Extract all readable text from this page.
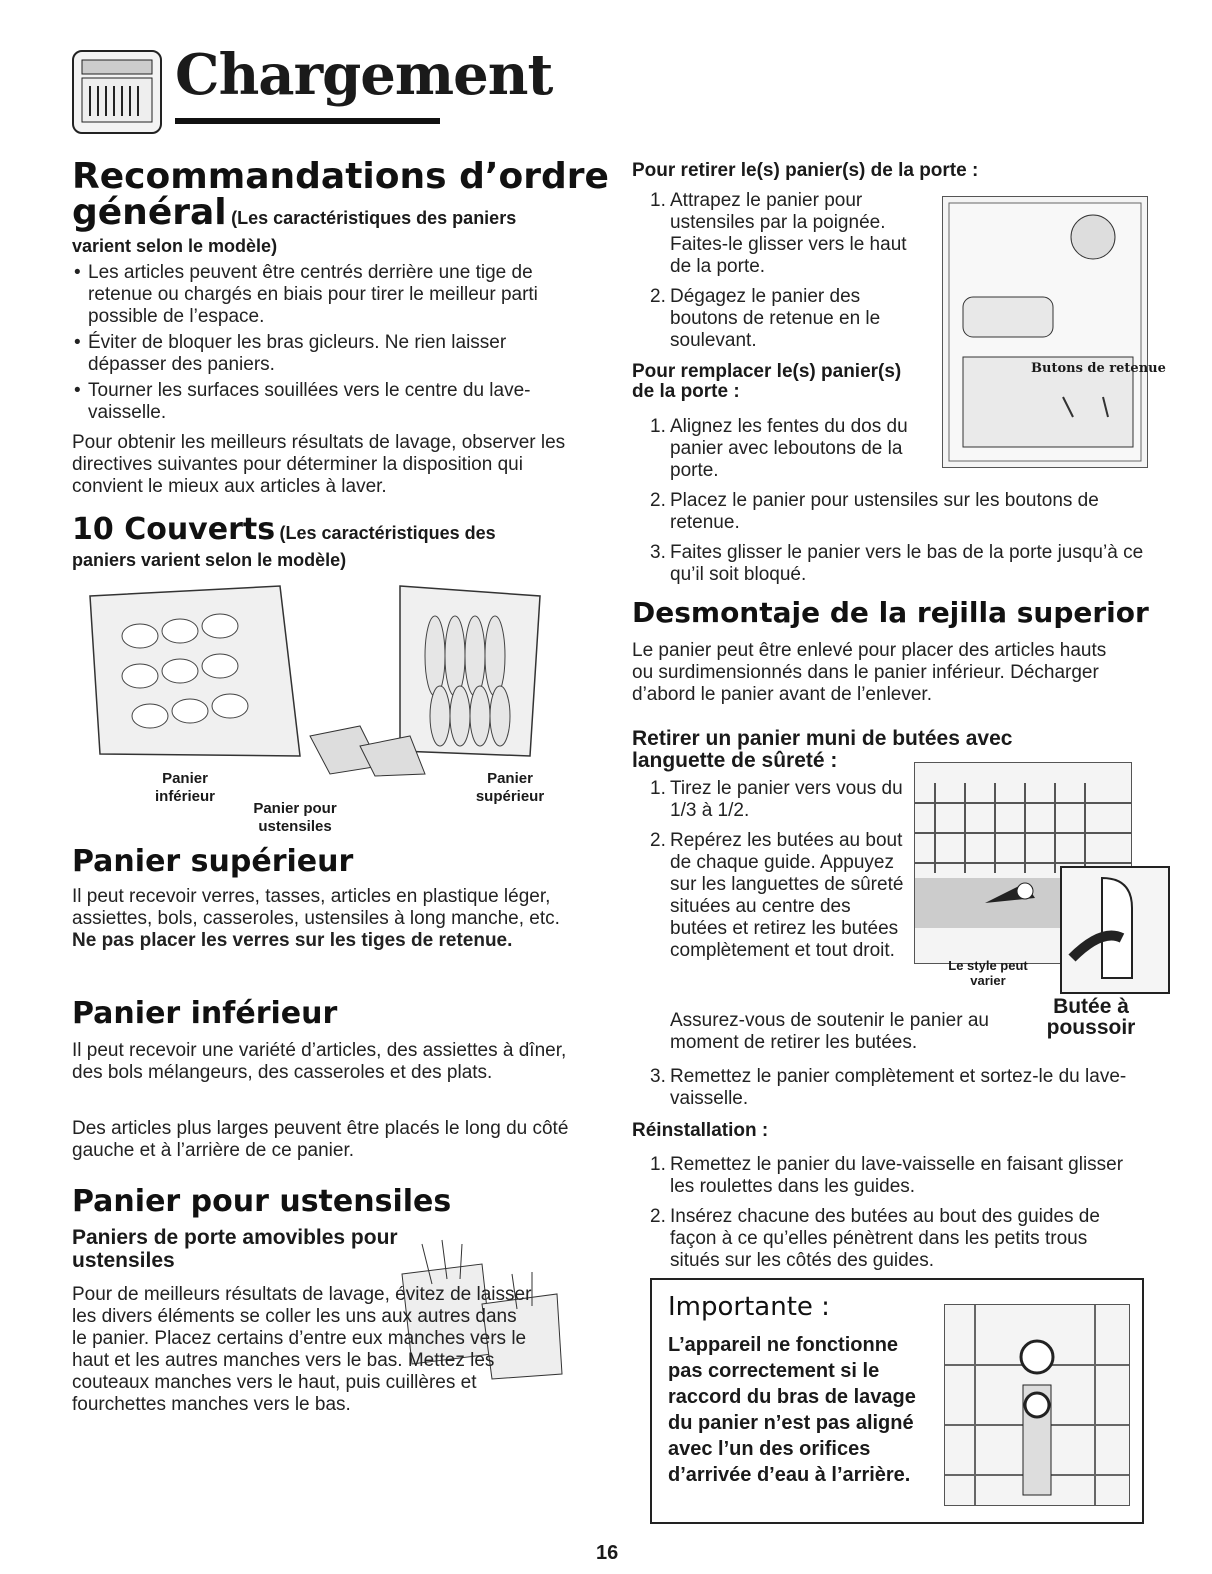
Chargement
Recommandations d’ordre
général (Les caractéristiques des paniers
varient selon le modèle)
• Les articles peuvent être centrés derrière une tige de retenue ou chargés en biais pour tirer le meilleur parti possible de l’espace.
• Éviter de bloquer les bras gicleurs. Ne rien laisser dépasser des paniers.
• Tourner les surfaces souillées vers le centre du lave-vaisselle.

Pour obtenir les meilleurs résultats de lavage, observer les directives suivantes pour déterminer la disposition qui convient le mieux aux articles à laver.

10 Couverts (Les caractéristiques des
paniers varient selon le modèle)
Panier inférieur
Panier pour ustensiles
Panier supérieur
Panier supérieur

Il peut recevoir verres, tasses, articles en plastique léger, assiettes, bols, casseroles, ustensiles à long manche, etc. Ne pas placer les verres sur les tiges de retenue.

Panier inférieur

Il peut recevoir une variété d’articles, des assiettes à dîner, des bols mélangeurs, des casseroles et des plats.

Des articles plus larges peuvent être placés le long du côté gauche et à l’arrière de ce panier.

Panier pour ustensiles
Paniers de porte amovibles pour ustensiles

Pour de meilleurs résultats de lavage, évitez de laisser les divers éléments se coller les uns aux autres dans le panier. Placez certains d’entre eux manches vers le haut et les autres manches vers le bas. Mettez les couteaux manches vers le haut, puis cuillères et fourchettes manches vers le bas.

Pour retirer le(s) panier(s) de la porte :
1. Attrapez le panier pour ustensiles par la poignée. Faites-le glisser vers le haut de la porte.
2. Dégagez le panier des boutons de retenue en le soulevant.
Pour remplacer le(s) panier(s) de la porte :
1. Alignez les fentes du dos du panier avec leboutons de la porte.
Butons de retenue
2. Placez le panier pour ustensiles sur les boutons de retenue.
3. Faites glisser le panier vers le bas de la porte jusqu’à ce qu’il soit bloqué.
Desmontaje de la rejilla superior

Le panier peut être enlevé pour placer des articles hauts ou surdimensionnés dans le panier inférieur. Décharger d’abord le panier avant de l’enlever.

Retirer un panier muni de butées avec languette de sûreté :
1. Tirez le panier vers vous du 1/3 à 1/2.
2. Repérez les butées au bout de chaque guide. Appuyez sur les languettes de sûreté situées au centre des butées et retirez les butées complètement et tout droit.
Le style peut varier
Butée à poussoir

Assurez-vous de soutenir le panier au moment de retirer les butées.

3. Remettez le panier complètement et sortez-le du lave-vaisselle.
Réinstallation :
1. Remettez le panier du lave-vaisselle en faisant glisser les roulettes dans les guides.
2. Insérez chacune des butées au bout des guides de façon à ce qu’elles pénètrent dans les petits trous situés sur les côtés des guides.
Importante :

L’appareil ne fonctionne pas correctement si le raccord du bras de lavage du panier n’est pas aligné avec l’un des orifices d’arrivée d’eau à l’arrière.

16
